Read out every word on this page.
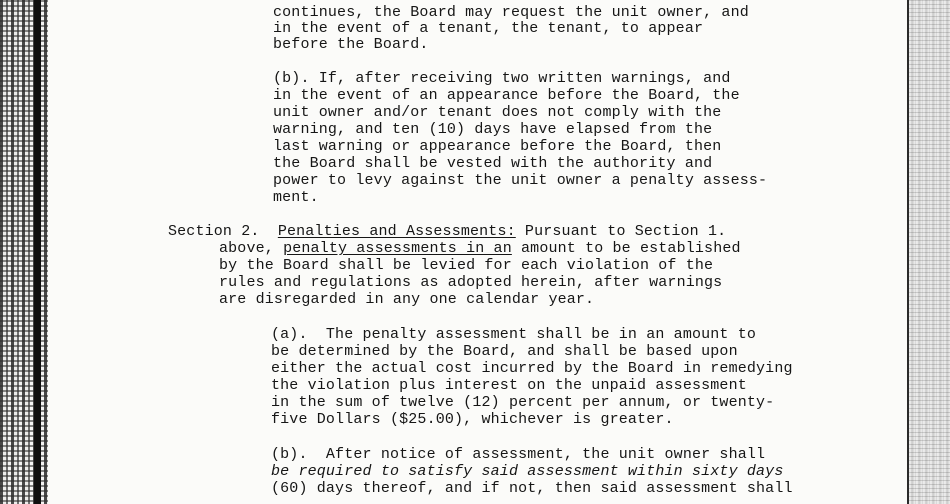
continues, the Board may request the unit owner, and
in the event of a tenant, the tenant, to appear
before the Board.
(b). If, after receiving two written warnings, and
in the event of an appearance before the Board, the
unit owner and/or tenant does not comply with the
warning, and ten (10) days have elapsed from the
last warning or appearance before the Board, then
the Board shall be vested with the authority and
power to levy against the unit owner a penalty assess-
ment.
Section 2. Penalties and Assessments: Pursuant to Section 1.
above, penalty assessments in an amount to be established
by the Board shall be levied for each violation of the
rules and regulations as adopted herein, after warnings
are disregarded in any one calendar year.
(a).  The penalty assessment shall be in an amount to
be determined by the Board, and shall be based upon
either the actual cost incurred by the Board in remedying
the violation plus interest on the unpaid assessment
in the sum of twelve (12) percent per annum, or twenty-
five Dollars ($25.00), whichever is greater.
(b).  After notice of assessment, the unit owner shall
be required to satisfy said assessment within sixty days
(60) days thereof, and if not, then said assessment shall
